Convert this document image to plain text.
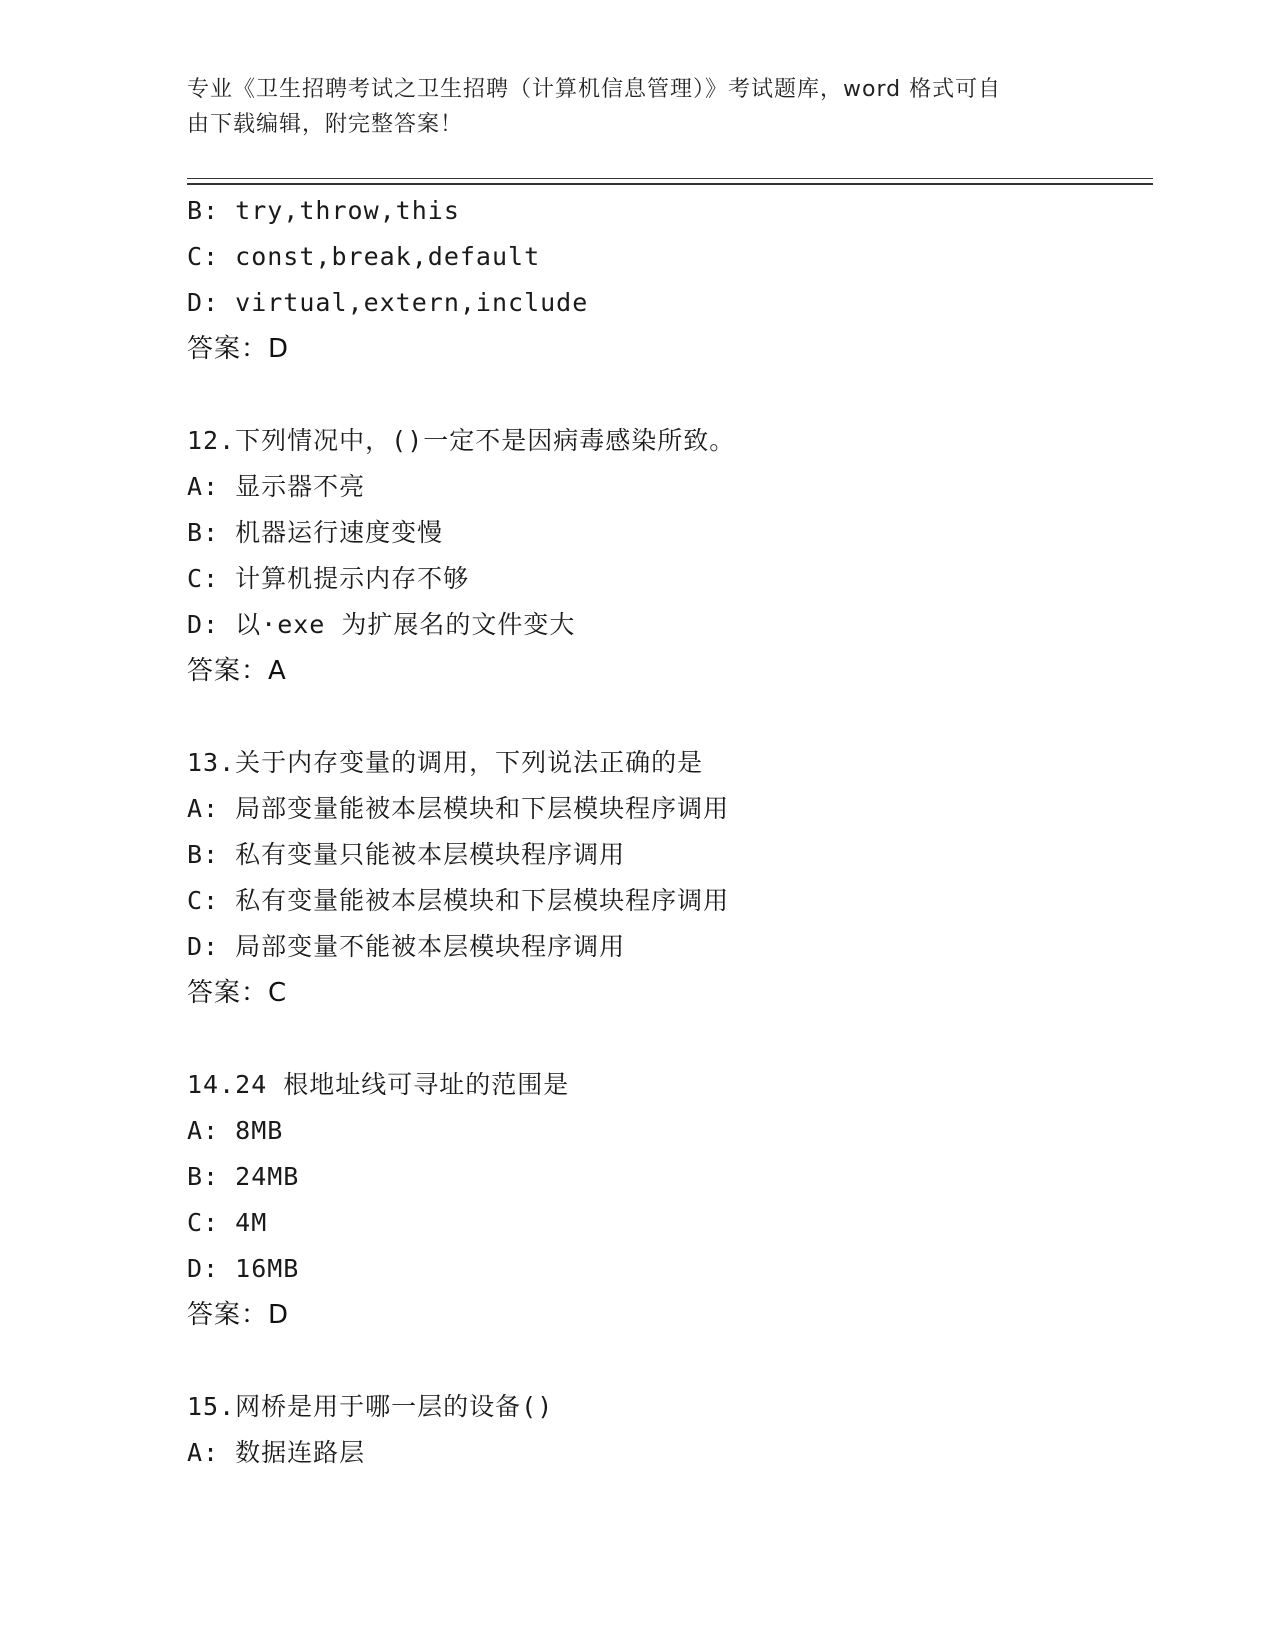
专业《卫生招聘考试之卫生招聘（计算机信息管理）》考试题库，word 格式可自
由下载编辑，附完整答案！
B: try,throw,this
C: const,break,default
D: virtual,extern,include
答案：D
12.下列情况中，()一定不是因病毒感染所致。
A: 显示器不亮
B: 机器运行速度变慢
C: 计算机提示内存不够
D: 以·exe 为扩展名的文件变大
答案：A
13.关于内存变量的调用，下列说法正确的是
A: 局部变量能被本层模块和下层模块程序调用
B: 私有变量只能被本层模块程序调用
C: 私有变量能被本层模块和下层模块程序调用
D: 局部变量不能被本层模块程序调用
答案：C
14.24 根地址线可寻址的范围是
A: 8MB
B: 24MB
C: 4M
D: 16MB
答案：D
15.网桥是用于哪一层的设备()
A: 数据连路层
